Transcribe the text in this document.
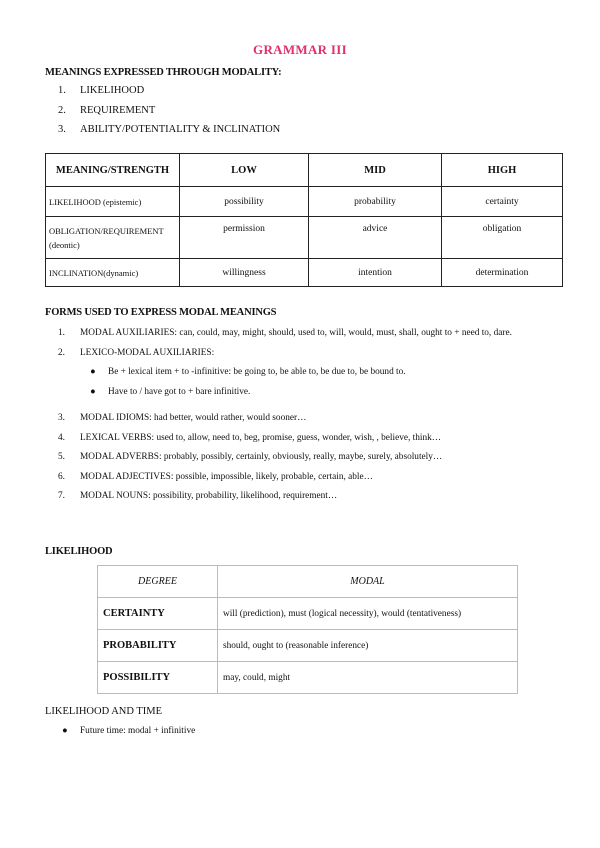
GRAMMAR III
MEANINGS EXPRESSED THROUGH MODALITY:
1.	LIKELIHOOD
2.	REQUIREMENT
3.	ABILITY/POTENTIALITY & INCLINATION
MEANING/STRENGTH	LOW	MID	HIGH
LIKELIHOOD (epistemic)	possibility	probability	certainty
OBLIGATION/REQUIREMENT (deontic)	permission	advice	obligation
INCLINATION(dynamic)	willingness	intention	determination
FORMS USED TO EXPRESS MODAL MEANINGS
1.	MODAL AUXILIARIES: can, could, may, might, should, used to, will, would, must, shall, ought to + need to, dare.
2.	LEXICO-MODAL AUXILIARIES:
●	Be + lexical item + to -infinitive: be going to, be able to, be due to, be bound to.
●	Have to / have got to + bare infinitive.
3.	MODAL IDIOMS: had better, would rather, would sooner…
4.	LEXICAL VERBS: used to, allow, need to, beg, promise, guess, wonder, wish, , believe, think…
5.	MODAL ADVERBS: probably, possibly, certainly, obviously, really, maybe, surely, absolutely…
6.	MODAL ADJECTIVES: possible, impossible, likely, probable, certain, able…
7.	MODAL NOUNS: possibility, probability, likelihood, requirement…
LIKELIHOOD
DEGREE	MODAL
CERTAINTY	will (prediction), must (logical necessity), would (tentativeness)
PROBABILITY	should, ought to (reasonable inference)
POSSIBILITY	may, could, might
LIKELIHOOD AND TIME
●	Future time: modal + infinitive
